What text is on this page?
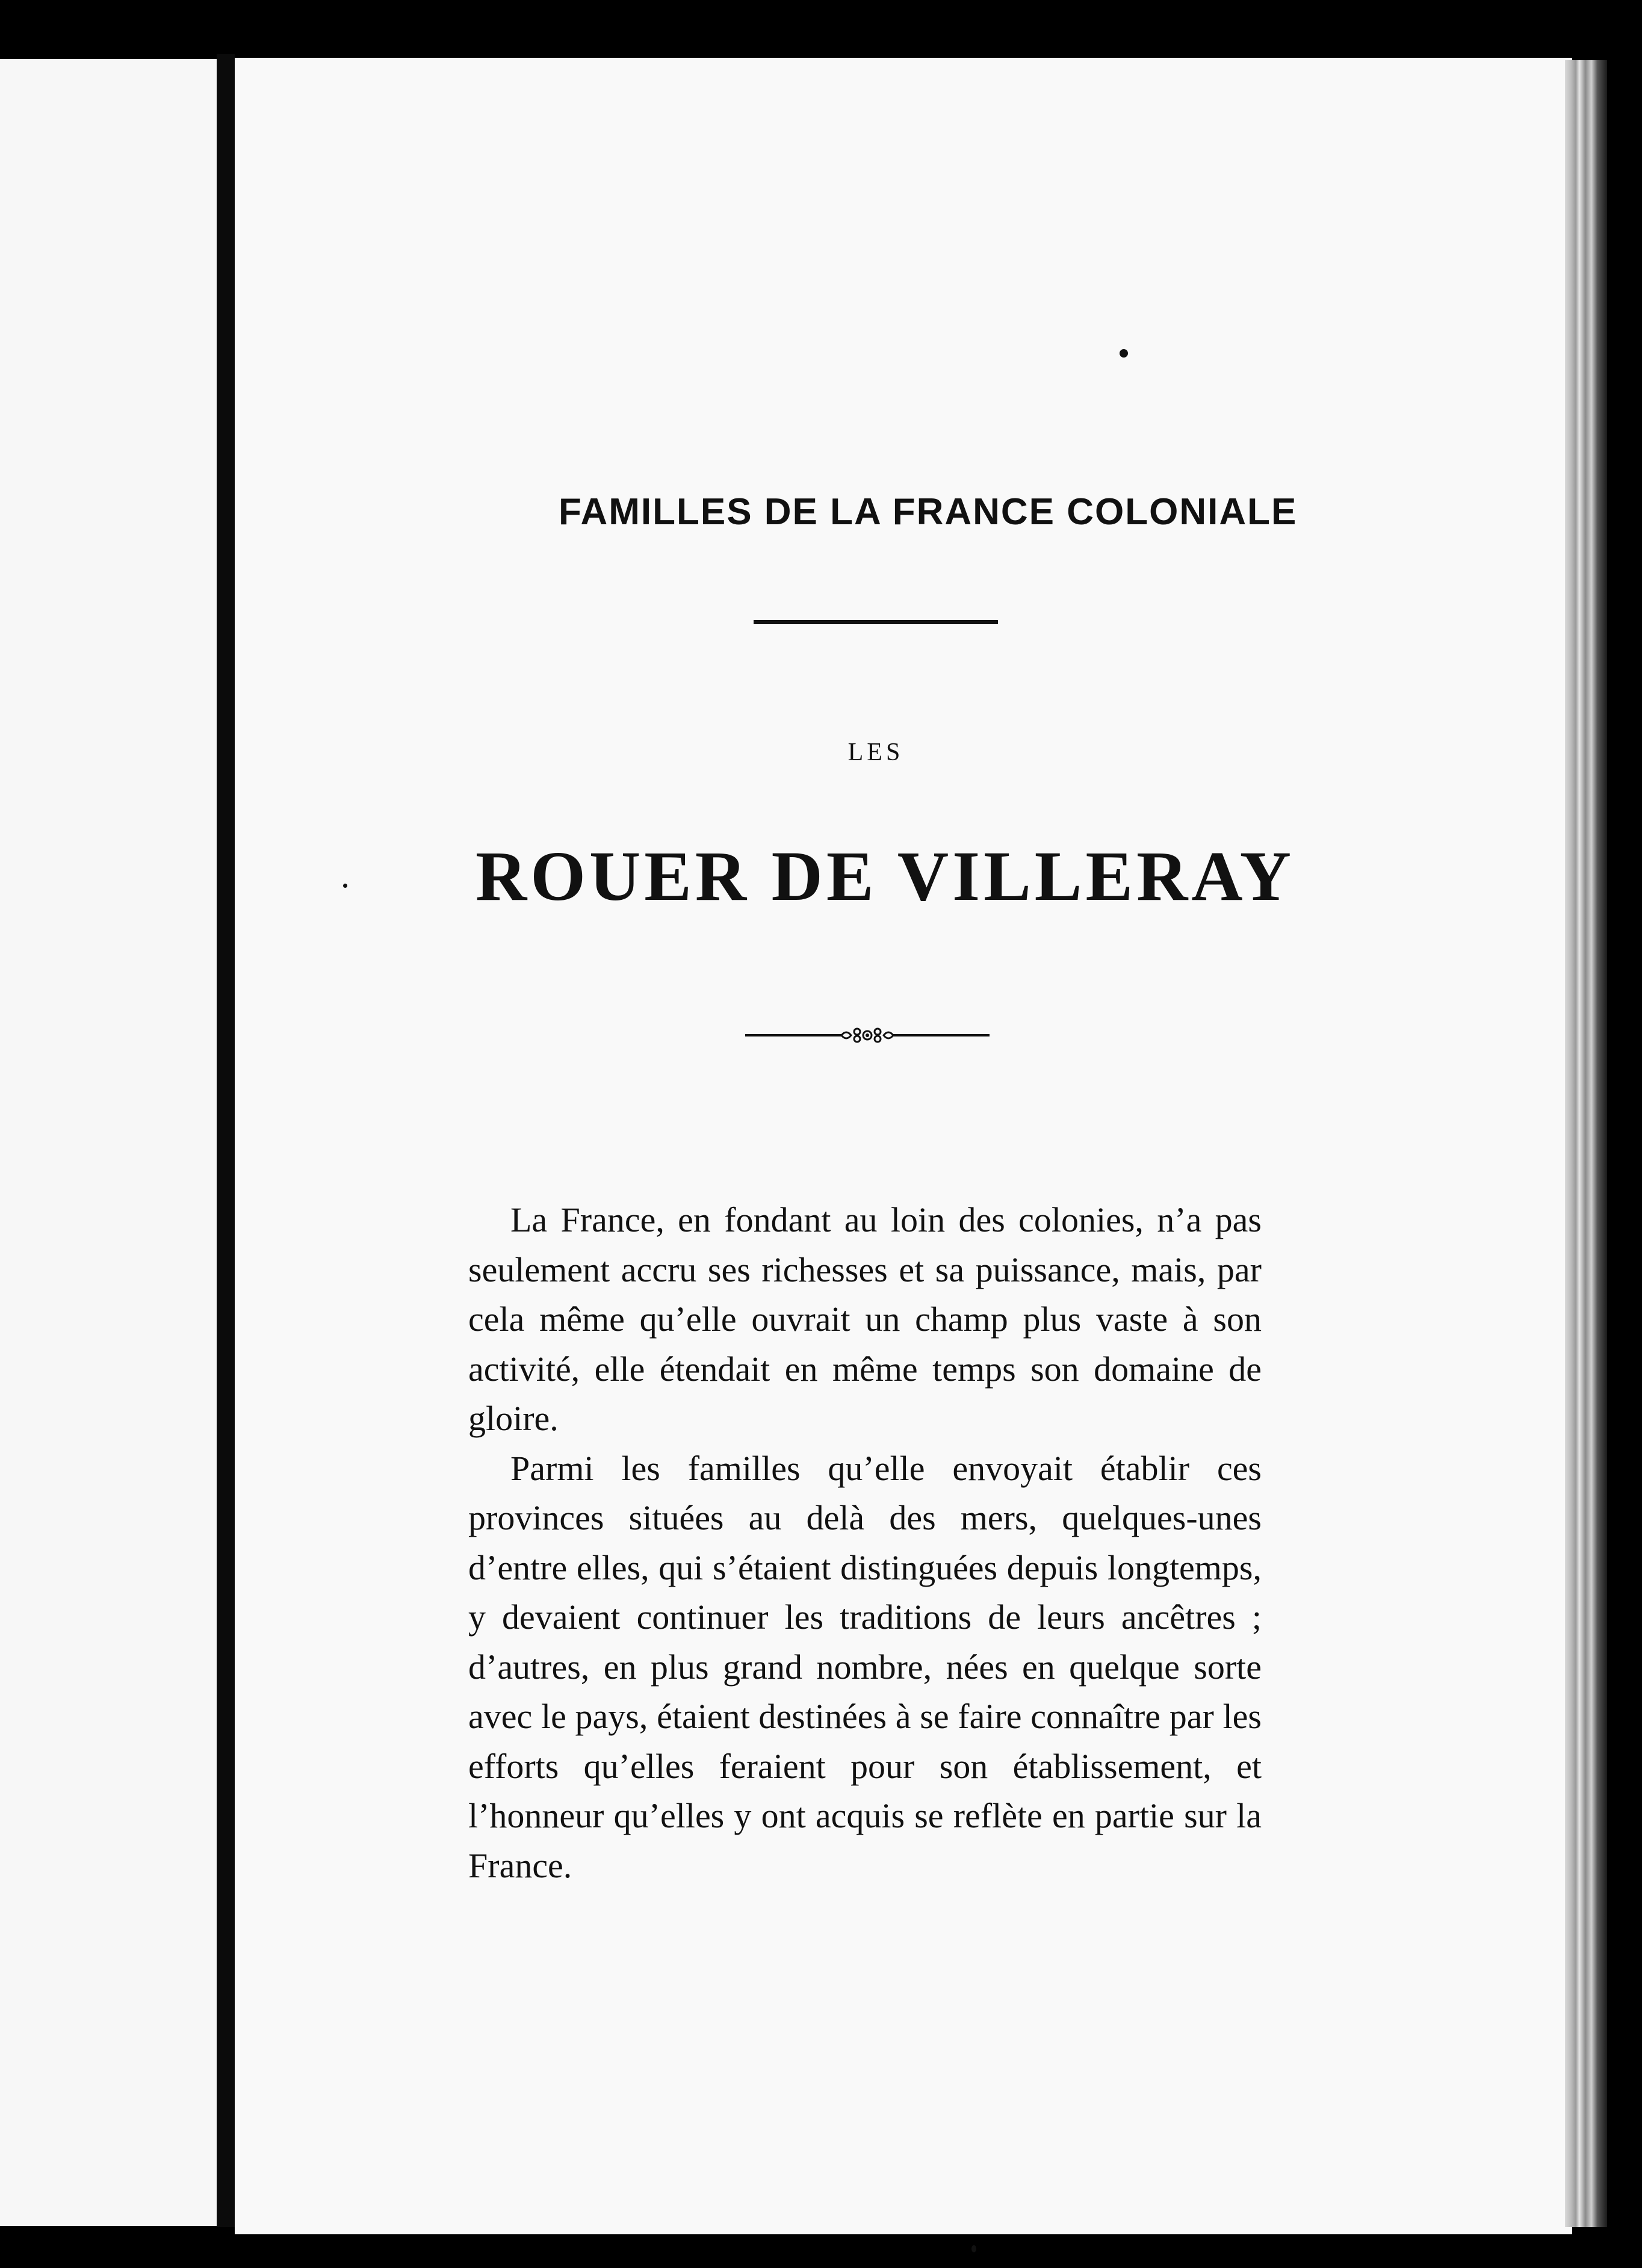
FAMILLES DE LA FRANCE COLONIALE
LES
ROUER DE VILLERAY

La France, en fondant au loin des colonies, n’a pas seulement accru ses richesses et sa puissance, mais, par cela même qu’elle ouvrait un champ plus vaste à son activité, elle étendait en même temps son domaine de gloire.

Parmi les familles qu’elle envoyait établir ces provinces situées au delà des mers, quelques-unes d’entre elles, qui s’étaient distinguées depuis longtemps, y devaient continuer les traditions de leurs ancêtres ; d’autres, en plus grand nombre, nées en quelque sorte avec le pays, étaient destinées à se faire connaître par les efforts qu’elles feraient pour son établissement, et l’honneur qu’elles y ont acquis se reflète en partie sur la France.
